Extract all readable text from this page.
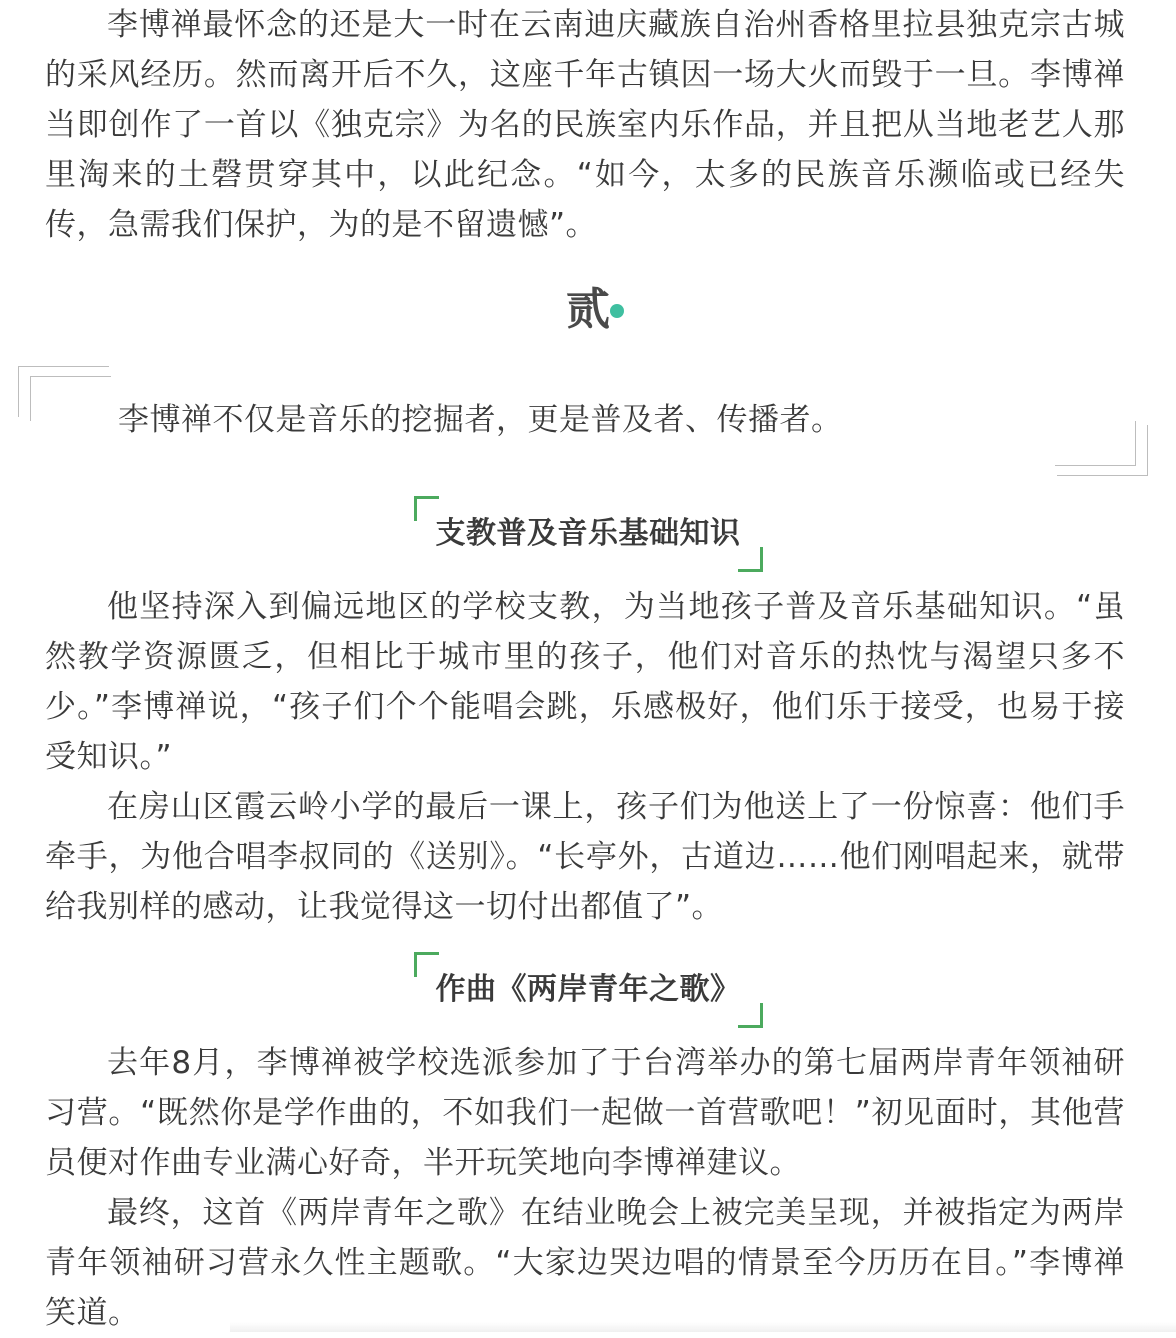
李博禅最怀念的还是大一时在云南迪庆藏族自治州香格里拉县独克宗古城的采风经历。然而离开后不久，这座千年古镇因一场大火而毁于一旦。李博禅当即创作了一首以《独克宗》为名的民族室内乐作品，并且把从当地老艺人那里淘来的土磬贯穿其中，以此纪念。“如今，太多的民族音乐濒临或已经失传，急需我们保护，为的是不留遗憾”。

贰
李博禅不仅是音乐的挖掘者，更是普及者、传播者。
支教普及音乐基础知识

他坚持深入到偏远地区的学校支教，为当地孩子普及音乐基础知识。“虽然教学资源匮乏，但相比于城市里的孩子，他们对音乐的热忱与渴望只多不少。”李博禅说，“孩子们个个能唱会跳，乐感极好，他们乐于接受，也易于接受知识。”

在房山区霞云岭小学的最后一课上，孩子们为他送上了一份惊喜：他们手牵手，为他合唱李叔同的《送别》。“长亭外，古道边……他们刚唱起来，就带给我别样的感动，让我觉得这一切付出都值了”。

作曲《两岸青年之歌》

去年8月，李博禅被学校选派参加了于台湾举办的第七届两岸青年领袖研习营。“既然你是学作曲的，不如我们一起做一首营歌吧！”初见面时，其他营员便对作曲专业满心好奇，半开玩笑地向李博禅建议。

最终，这首《两岸青年之歌》在结业晚会上被完美呈现，并被指定为两岸青年领袖研习营永久性主题歌。“大家边哭边唱的情景至今历历在目。”李博禅笑道。
